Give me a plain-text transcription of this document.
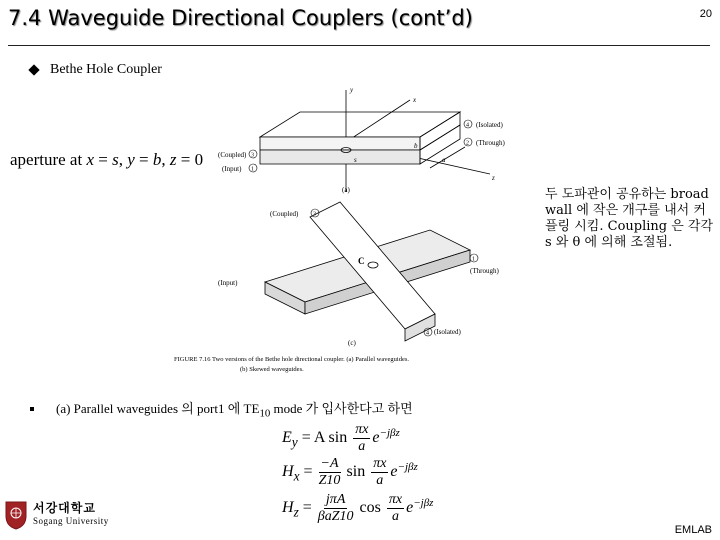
7.4 Waveguide Directional Couplers (cont’d)	20
Bethe Hole Coupler
aperture at x = s, y = b, z = 0
y
x
z
s	a
b
4 (Isolated)
2 (Through)
(Coupled) 3
(Input) 1
(a)
(Coupled) 3
(Input)
C	1
(Through)
4 (Isolated)
(c)
FIGURE 7.16 Two versions of the Bethe hole directional coupler. (a) Parallel waveguides.
(b) Skewed waveguides.
두 도파관이 공유하는 broad wall 에 작은 개구를 내서 커플링 시킴. Coupling 은 각각 s 와 θ 에 의해 조절됨.
(a) Parallel waveguides 의 port1 에 $TE_{10}$ mode 가 입사한다고 하면
$E_y = A$ $\sin \frac{\pi x}{a} e^{-j\beta z}$
$H_x = \frac{-A}{Z10}$ $\sin \frac{\pi x}{a} e^{-j\beta z}$
$H_z = \frac{\text{jπA}}{\text{βaZ10}}$ $\cos \frac{\pi x}{a} e^{-j\beta z}$
서강대학교
Sogang University
EMLAB
